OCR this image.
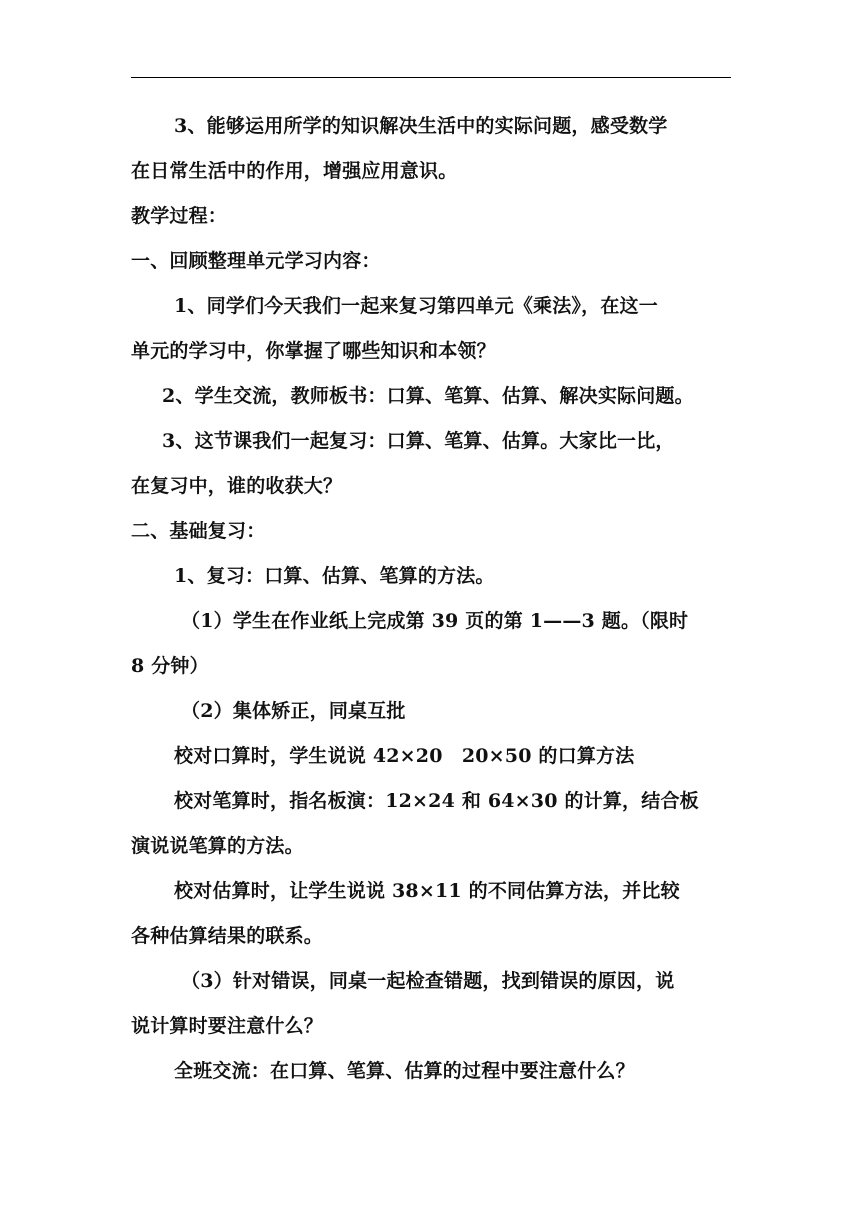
3、能够运用所学的知识解决生活中的实际问题，感受数学
在日常生活中的作用，增强应用意识。

教学过程：

一、回顾整理单元学习内容：

1、同学们今天我们一起来复习第四单元《乘法》，在这一
单元的学习中，你掌握了哪些知识和本领？

2、学生交流，教师板书：口算、笔算、估算、解决实际问题。

3、这节课我们一起复习：口算、笔算、估算。大家比一比，
在复习中，谁的收获大？

二、基础复习：

1、复习：口算、估算、笔算的方法。

（1）学生在作业纸上完成第 39 页的第 1——3 题。（限时
8 分钟）

（2）集体矫正，同桌互批

校对口算时，学生说说 42×20　20×50 的口算方法

校对笔算时，指名板演：12×24 和 64×30 的计算，结合板
演说说笔算的方法。

校对估算时，让学生说说 38×11 的不同估算方法，并比较
各种估算结果的联系。

（3）针对错误，同桌一起检查错题，找到错误的原因，说
说计算时要注意什么？

全班交流：在口算、笔算、估算的过程中要注意什么？
